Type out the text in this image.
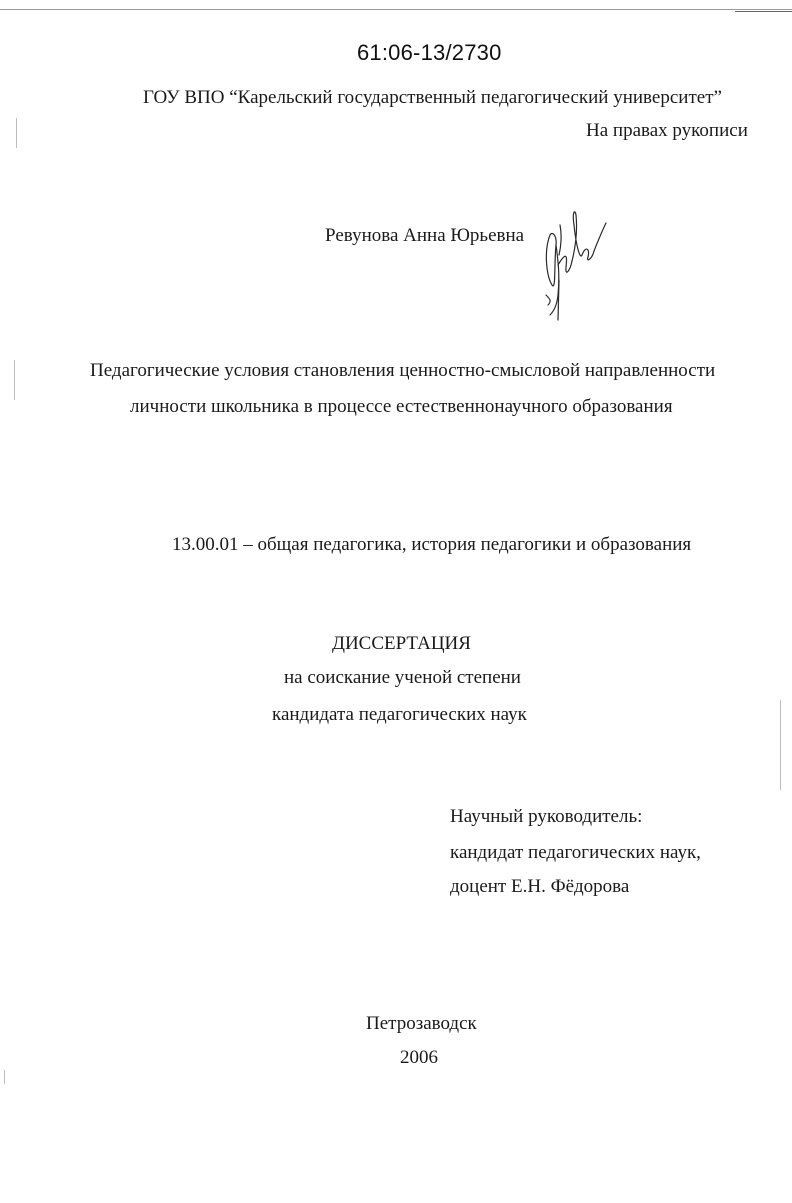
61:06-13/2730
ГОУ ВПО “Карельский государственный педагогический университет”
На правах рукописи
Ревунова Анна Юрьевна
Педагогические условия становления ценностно-смысловой направленности
личности школьника в процессе естественнонаучного образования
13.00.01 – общая педагогика, история педагогики и образования
ДИССЕРТАЦИЯ
на соискание ученой степени
кандидата педагогических наук
Научный руководитель:
кандидат педагогических наук,
доцент Е.Н. Фёдорова
Петрозаводск
2006
